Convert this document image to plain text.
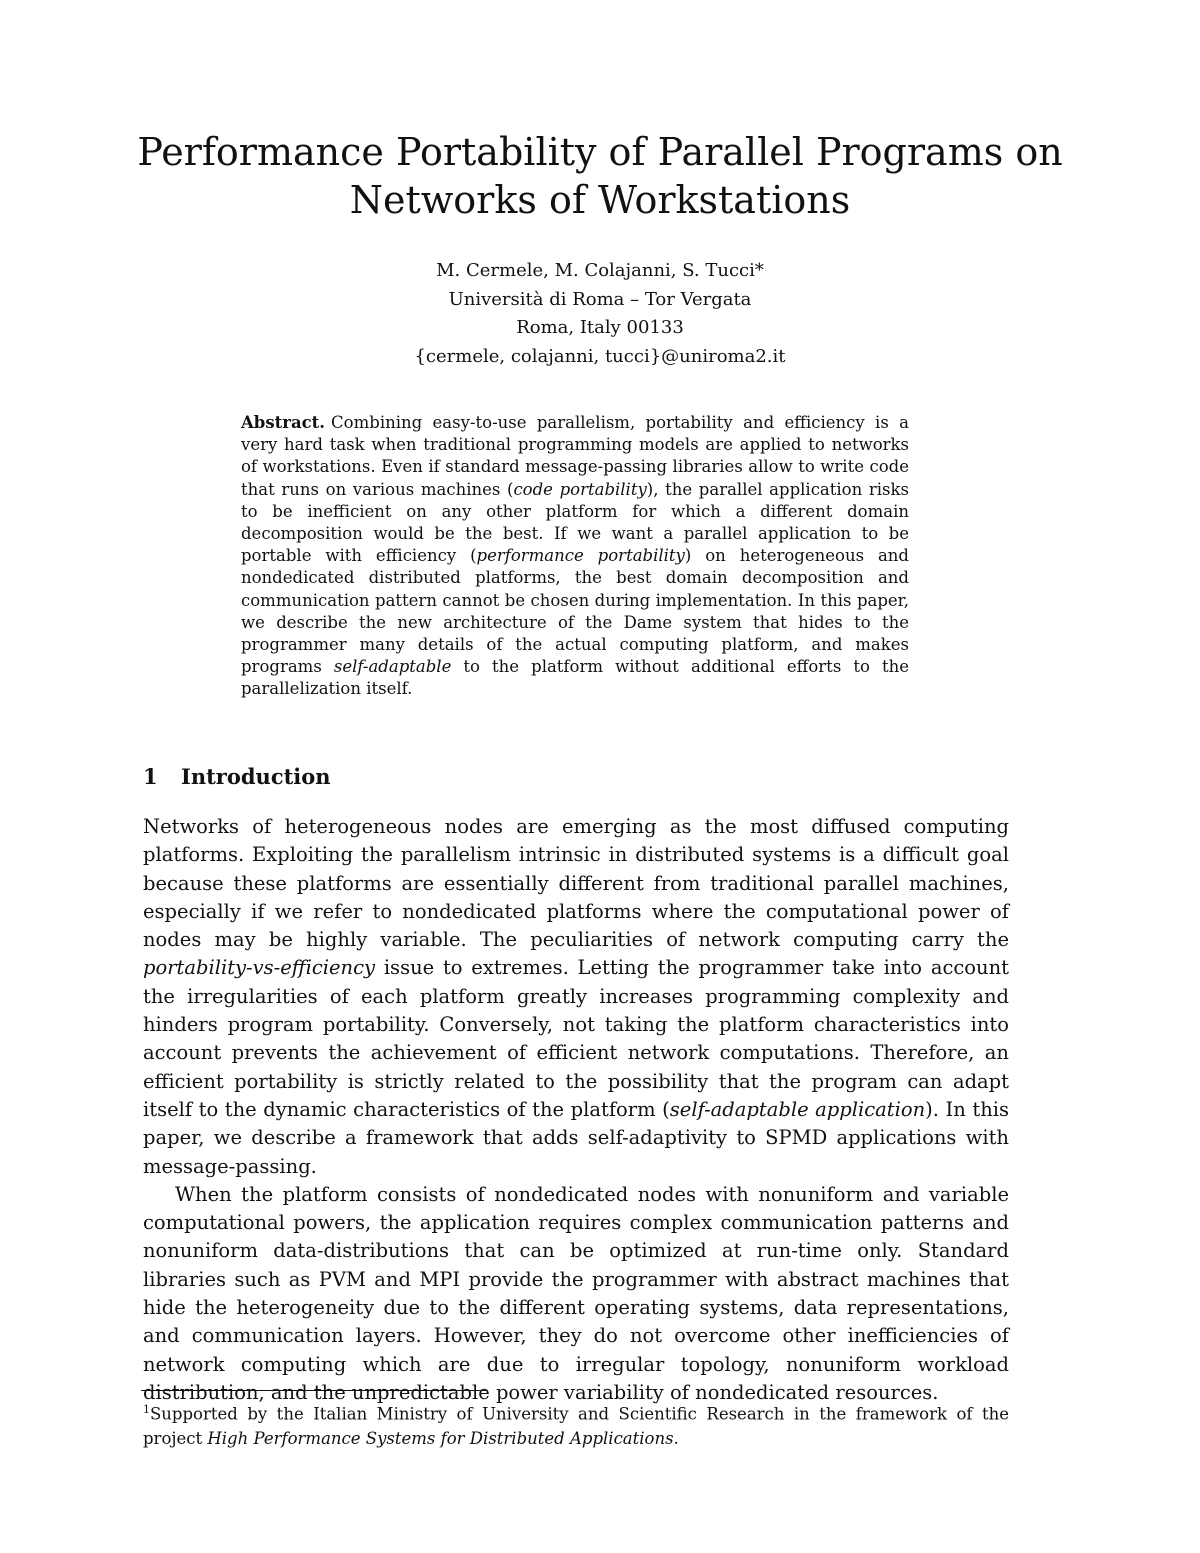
Performance Portability of Parallel Programs on
Networks of Workstations
M. Cermele, M. Colajanni, S. Tucci*
Università di Roma – Tor Vergata
Roma, Italy 00133
{cermele, colajanni, tucci}@uniroma2.it

Abstract. Combining easy-to-use parallelism, portability and efficiency is a very hard task when traditional programming models are applied to networks of workstations. Even if standard message-passing libraries allow to write code that runs on various machines (code portability), the parallel application risks to be inefficient on any other platform for which a different domain decomposition would be the best. If we want a parallel application to be portable with efficiency (performance portability) on heterogeneous and nondedicated distributed platforms, the best domain decomposition and communication pattern cannot be chosen during implementation. In this paper, we describe the new architecture of the Dame system that hides to the programmer many details of the actual computing platform, and makes programs self-adaptable to the platform without additional efforts to the parallelization itself.

1 Introduction

Networks of heterogeneous nodes are emerging as the most diffused computing platforms. Exploiting the parallelism intrinsic in distributed systems is a difficult goal because these platforms are essentially different from traditional parallel machines, especially if we refer to nondedicated platforms where the computational power of nodes may be highly variable. The peculiarities of network computing carry the portability-vs-efficiency issue to extremes. Letting the programmer take into account the irregularities of each platform greatly increases programming complexity and hinders program portability. Conversely, not taking the platform characteristics into account prevents the achievement of efficient network computations. Therefore, an efficient portability is strictly related to the possibility that the program can adapt itself to the dynamic characteristics of the platform (self-adaptable application). In this paper, we describe a framework that adds self-adaptivity to SPMD applications with message-passing.

When the platform consists of nondedicated nodes with nonuniform and variable computational powers, the application requires complex communication patterns and nonuniform data-distributions that can be optimized at run-time only. Standard libraries such as PVM and MPI provide the programmer with abstract machines that hide the heterogeneity due to the different operating systems, data representations, and communication layers. However, they do not overcome other inefficiencies of network computing which are due to irregular topology, nonuniform workload distribution, and the unpredictable power variability of nondedicated resources.

$^1$Supported by the Italian Ministry of University and Scientific Research in the framework of the project High Performance Systems for Distributed Applications.
